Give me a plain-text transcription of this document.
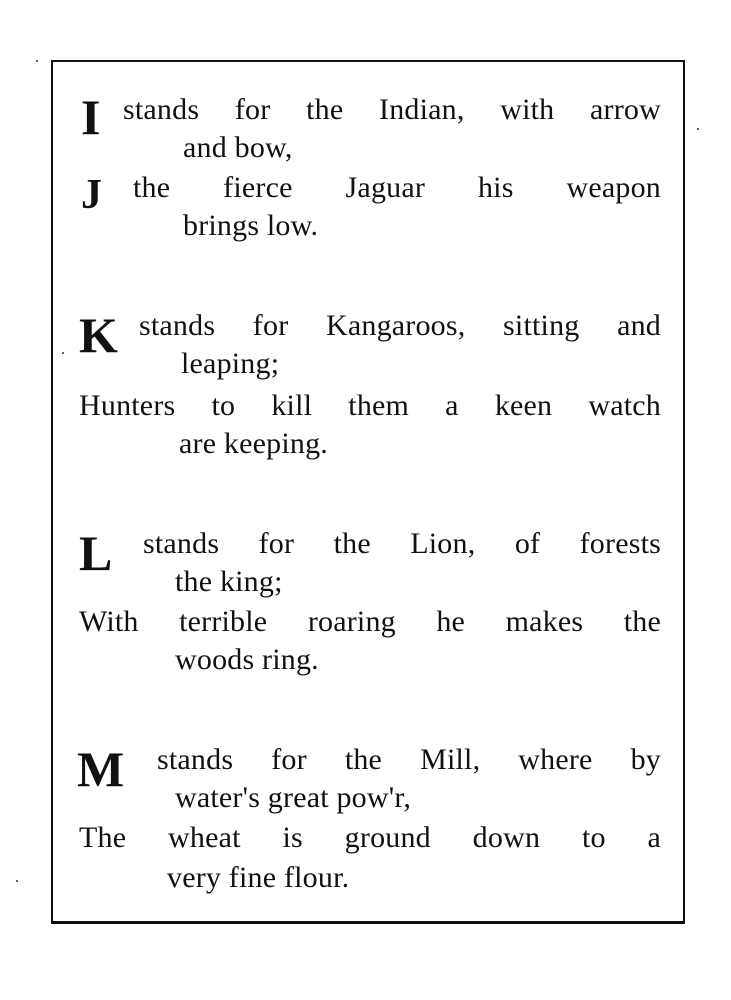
I stands for the Indian, with arrow
and bow,
J the fierce Jaguar his weapon
brings low.
K stands for Kangaroos, sitting and
leaping;
Hunters to kill them a keen watch
are keeping.
L stands for the Lion, of forests
the king;
With terrible roaring he makes the
woods ring.
M stands for the Mill, where by
water's great pow'r,
The wheat is ground down to a
very fine flour.
